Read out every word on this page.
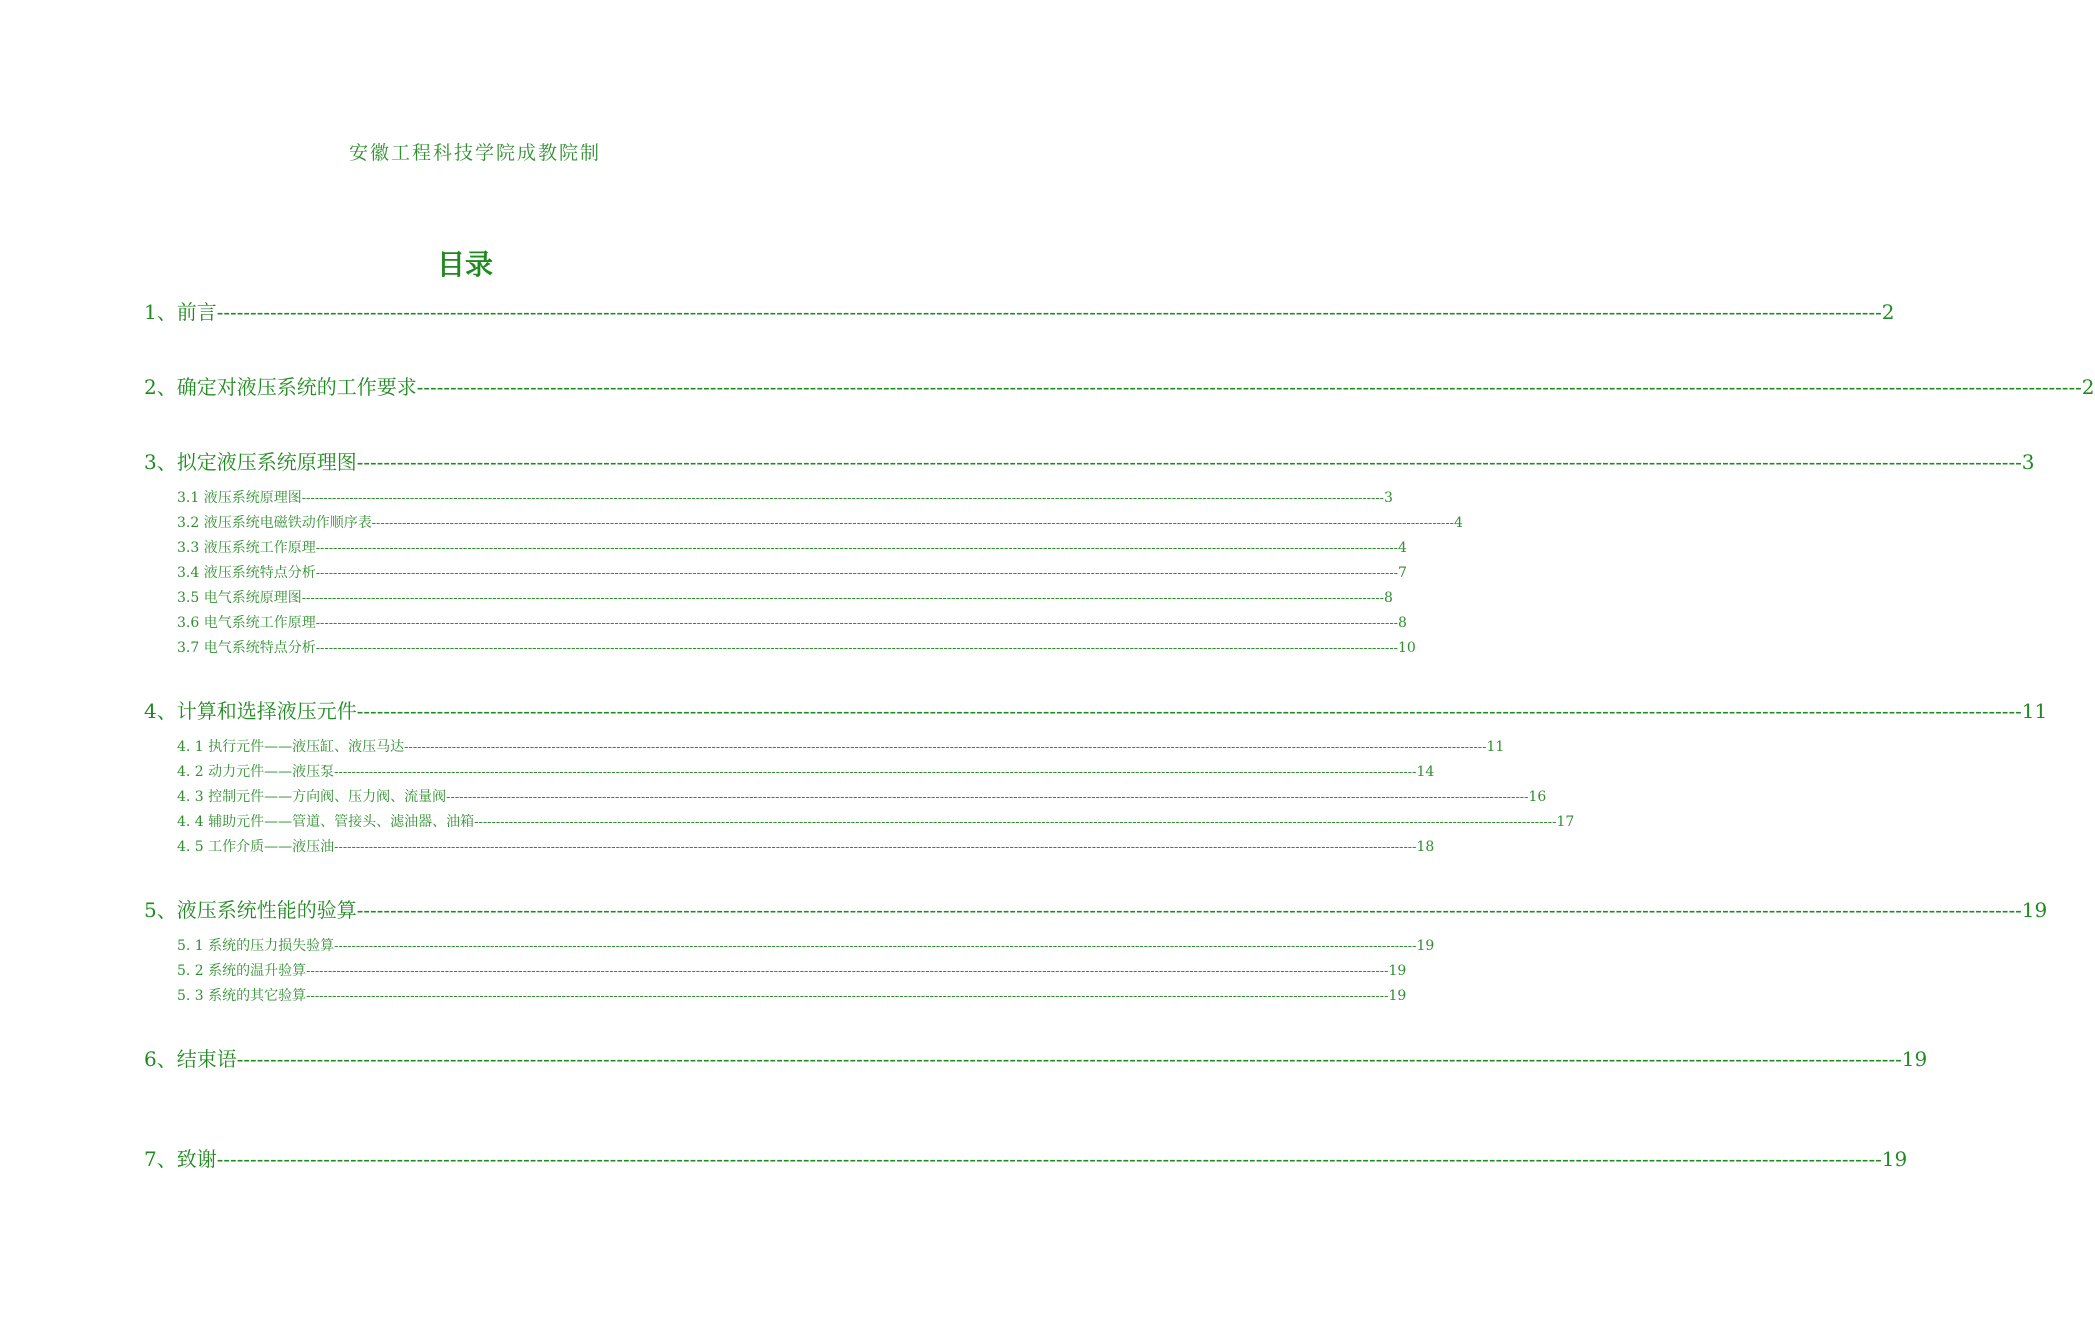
安徽工程科技学院成教院制
目录
1、前言 ---------------------------------------------------------------------------------------------------------------------------------------------------------------------------------------------------------------------------------------------------------- 2
2、确定对液压系统的工作要求 ---------------------------------------------------------------------------------------------------------------------------------------------------------------------------------------------------------------------------------------------------------- 2
3、拟定液压系统原理图 ---------------------------------------------------------------------------------------------------------------------------------------------------------------------------------------------------------------------------------------------------------- 3
3.1 液压系统原理图 ---------------------------------------------------------------------------------------------------------------------------------------------------------------------------------------------------------------------------------------------------------- 3
3.2 液压系统电磁铁动作顺序表 ---------------------------------------------------------------------------------------------------------------------------------------------------------------------------------------------------------------------------------------------------------- 4
3.3 液压系统工作原理 ---------------------------------------------------------------------------------------------------------------------------------------------------------------------------------------------------------------------------------------------------------- 4
3.4 液压系统特点分析 ---------------------------------------------------------------------------------------------------------------------------------------------------------------------------------------------------------------------------------------------------------- 7
3.5 电气系统原理图 ---------------------------------------------------------------------------------------------------------------------------------------------------------------------------------------------------------------------------------------------------------- 8
3.6 电气系统工作原理 ---------------------------------------------------------------------------------------------------------------------------------------------------------------------------------------------------------------------------------------------------------- 8
3.7 电气系统特点分析 ---------------------------------------------------------------------------------------------------------------------------------------------------------------------------------------------------------------------------------------------------------- 10
4、计算和选择液压元件 ---------------------------------------------------------------------------------------------------------------------------------------------------------------------------------------------------------------------------------------------------------- 11
4. 1 执行元件——液压缸、液压马达 ---------------------------------------------------------------------------------------------------------------------------------------------------------------------------------------------------------------------------------------------------------- 11
4. 2 动力元件——液压泵 ---------------------------------------------------------------------------------------------------------------------------------------------------------------------------------------------------------------------------------------------------------- 14
4. 3 控制元件——方向阀、压力阀、流量阀 ---------------------------------------------------------------------------------------------------------------------------------------------------------------------------------------------------------------------------------------------------------- 16
4. 4 辅助元件——管道、管接头、滤油器、油箱 ---------------------------------------------------------------------------------------------------------------------------------------------------------------------------------------------------------------------------------------------------------- 17
4. 5 工作介质——液压油 ---------------------------------------------------------------------------------------------------------------------------------------------------------------------------------------------------------------------------------------------------------- 18
5、液压系统性能的验算 ---------------------------------------------------------------------------------------------------------------------------------------------------------------------------------------------------------------------------------------------------------- 19
5. 1 系统的压力损失验算 ---------------------------------------------------------------------------------------------------------------------------------------------------------------------------------------------------------------------------------------------------------- 19
5. 2 系统的温升验算 ---------------------------------------------------------------------------------------------------------------------------------------------------------------------------------------------------------------------------------------------------------- 19
5. 3 系统的其它验算 ---------------------------------------------------------------------------------------------------------------------------------------------------------------------------------------------------------------------------------------------------------- 19
6、结束语 ---------------------------------------------------------------------------------------------------------------------------------------------------------------------------------------------------------------------------------------------------------- 19
7、致谢 ---------------------------------------------------------------------------------------------------------------------------------------------------------------------------------------------------------------------------------------------------------- 19
